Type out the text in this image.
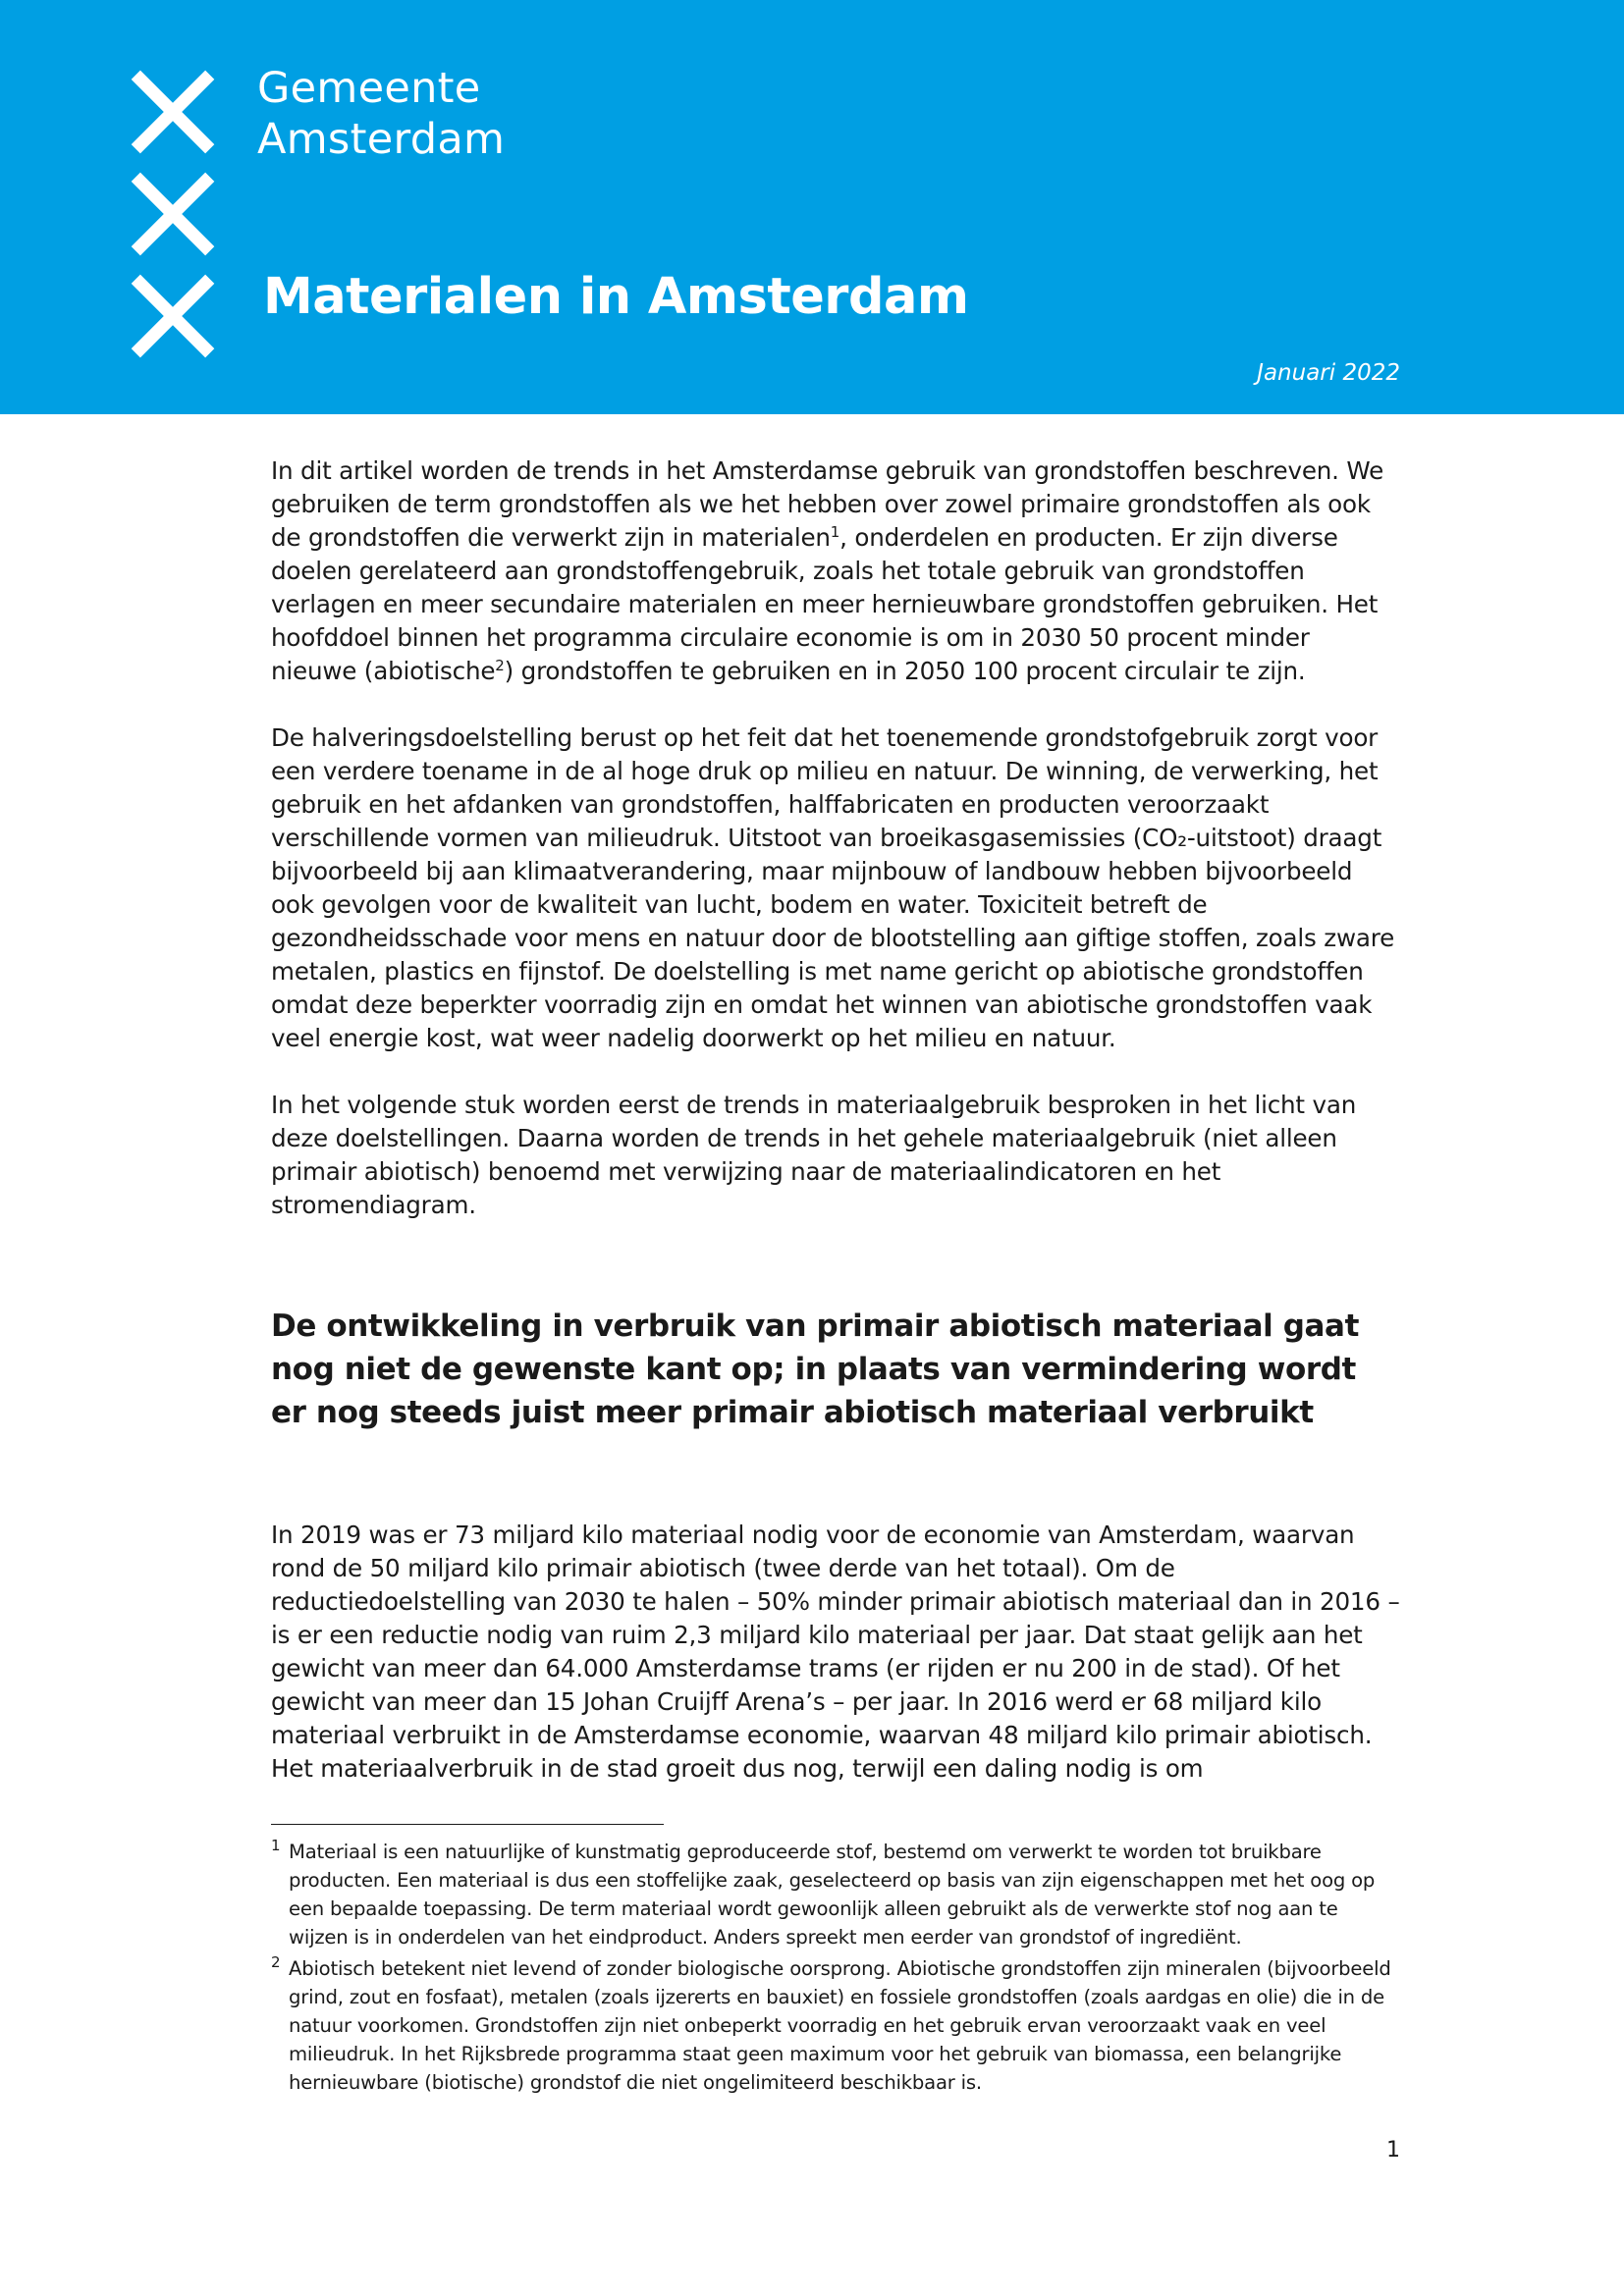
Gemeente
Amsterdam
Materialen in Amsterdam
Januari 2022

In dit artikel worden de trends in het Amsterdamse gebruik van grondstoffen beschreven. We gebruiken de term grondstoffen als we het hebben over zowel primaire grondstoffen als ook de grondstoffen die verwerkt zijn in materialen$^1$, onderdelen en producten. Er zijn diverse doelen gerelateerd aan grondstoffengebruik, zoals het totale gebruik van grondstoffen verlagen en meer secundaire materialen en meer hernieuwbare grondstoffen gebruiken. Het hoofddoel binnen het programma circulaire economie is om in 2030 50 procent minder nieuwe (abiotische$^2$) grondstoffen te gebruiken en in 2050 100 procent circulair te zijn.

De halveringsdoelstelling berust op het feit dat het toenemende grondstofgebruik zorgt voor een verdere toename in de al hoge druk op milieu en natuur. De winning, de verwerking, het gebruik en het afdanken van grondstoffen, halffabricaten en producten veroorzaakt verschillende vormen van milieudruk. Uitstoot van broeikasgasemissies (CO₂-uitstoot) draagt bijvoorbeeld bij aan klimaatverandering, maar mijnbouw of landbouw hebben bijvoorbeeld ook gevolgen voor de kwaliteit van lucht, bodem en water. Toxiciteit betreft de gezondheidsschade voor mens en natuur door de blootstelling aan giftige stoffen, zoals zware metalen, plastics en fijnstof. De doelstelling is met name gericht op abiotische grondstoffen omdat deze beperkter voorradig zijn en omdat het winnen van abiotische grondstoffen vaak veel energie kost, wat weer nadelig doorwerkt op het milieu en natuur.

In het volgende stuk worden eerst de trends in materiaalgebruik besproken in het licht van deze doelstellingen. Daarna worden de trends in het gehele materiaalgebruik (niet alleen primair abiotisch) benoemd met verwijzing naar de materiaalindicatoren en het stromendiagram.

De ontwikkeling in verbruik van primair abiotisch materiaal gaat nog niet de gewenste kant op; in plaats van vermindering wordt er nog steeds juist meer primair abiotisch materiaal verbruikt

In 2019 was er 73 miljard kilo materiaal nodig voor de economie van Amsterdam, waarvan rond de 50 miljard kilo primair abiotisch (twee derde van het totaal). Om de reductiedoelstelling van 2030 te halen – 50% minder primair abiotisch materiaal dan in 2016 – is er een reductie nodig van ruim 2,3 miljard kilo materiaal per jaar. Dat staat gelijk aan het gewicht van meer dan 64.000 Amsterdamse trams (er rijden er nu 200 in de stad). Of het gewicht van meer dan 15 Johan Cruijff Arena’s – per jaar. In 2016 werd er 68 miljard kilo materiaal verbruikt in de Amsterdamse economie, waarvan 48 miljard kilo primair abiotisch. Het materiaalverbruik in de stad groeit dus nog, terwijl een daling nodig is om

1 Materiaal is een natuurlijke of kunstmatig geproduceerde stof, bestemd om verwerkt te worden tot bruikbare producten. Een materiaal is dus een stoffelijke zaak, geselecteerd op basis van zijn eigenschappen met het oog op een bepaalde toepassing. De term materiaal wordt gewoonlijk alleen gebruikt als de verwerkte stof nog aan te wijzen is in onderdelen van het eindproduct. Anders spreekt men eerder van grondstof of ingrediënt.
2 Abiotisch betekent niet levend of zonder biologische oorsprong. Abiotische grondstoffen zijn mineralen (bijvoorbeeld grind, zout en fosfaat), metalen (zoals ijzererts en bauxiet) en fossiele grondstoffen (zoals aardgas en olie) die in de natuur voorkomen. Grondstoffen zijn niet onbeperkt voorradig en het gebruik ervan veroorzaakt vaak en veel milieudruk. In het Rijksbrede programma staat geen maximum voor het gebruik van biomassa, een belangrijke hernieuwbare (biotische) grondstof die niet ongelimiteerd beschikbaar is.
1
